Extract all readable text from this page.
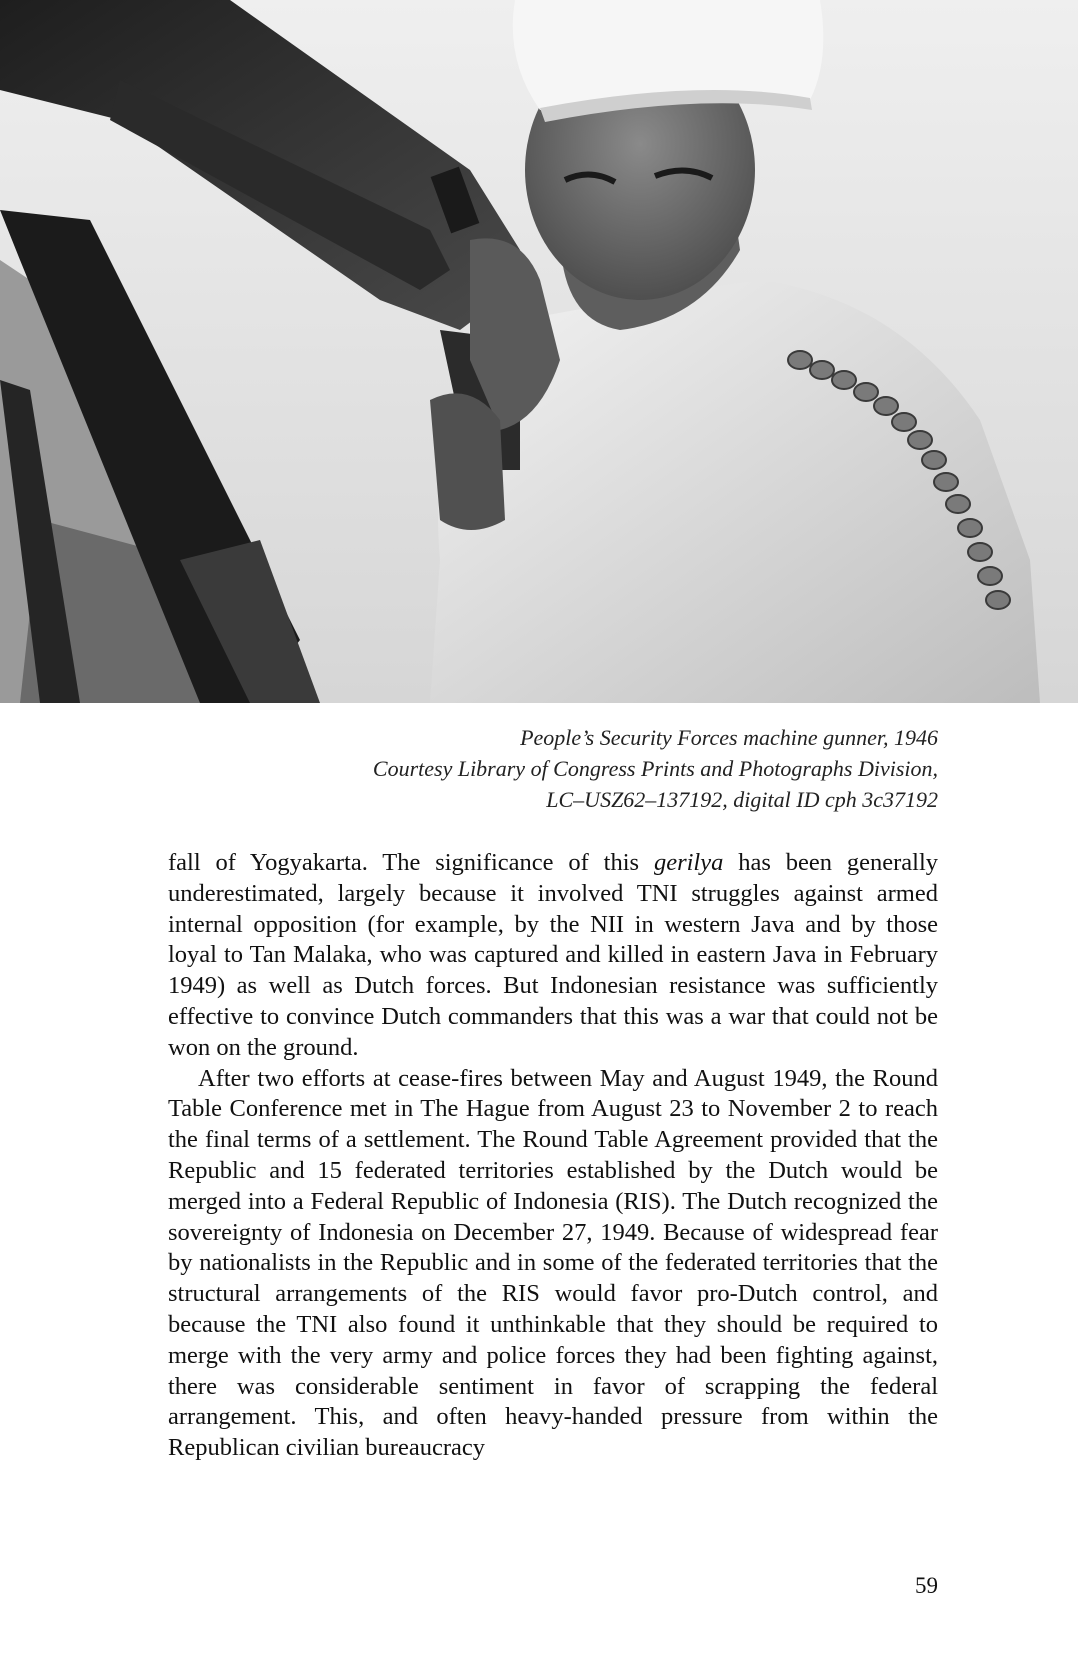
People’s Security Forces machine gunner, 1946
Courtesy Library of Congress Prints and Photographs Division,
LC–USZ62–137192, digital ID cph 3c37192

fall of Yogyakarta. The significance of this gerilya has been generally underestimated, largely because it involved TNI struggles against armed internal opposition (for example, by the NII in western Java and by those loyal to Tan Malaka, who was captured and killed in eastern Java in February 1949) as well as Dutch forces. But Indonesian resistance was sufficiently effective to convince Dutch commanders that this was a war that could not be won on the ground.

After two efforts at cease-fires between May and August 1949, the Round Table Conference met in The Hague from August 23 to November 2 to reach the final terms of a settlement. The Round Table Agreement provided that the Republic and 15 federated territories established by the Dutch would be merged into a Federal Republic of Indonesia (RIS). The Dutch recognized the sovereignty of Indonesia on December 27, 1949. Because of widespread fear by nationalists in the Republic and in some of the federated territories that the structural arrangements of the RIS would favor pro-Dutch control, and because the TNI also found it unthinkable that they should be required to merge with the very army and police forces they had been fighting against, there was considerable sentiment in favor of scrapping the federal arrangement. This, and often heavy-handed pressure from within the Republican civilian bureaucracy

59
